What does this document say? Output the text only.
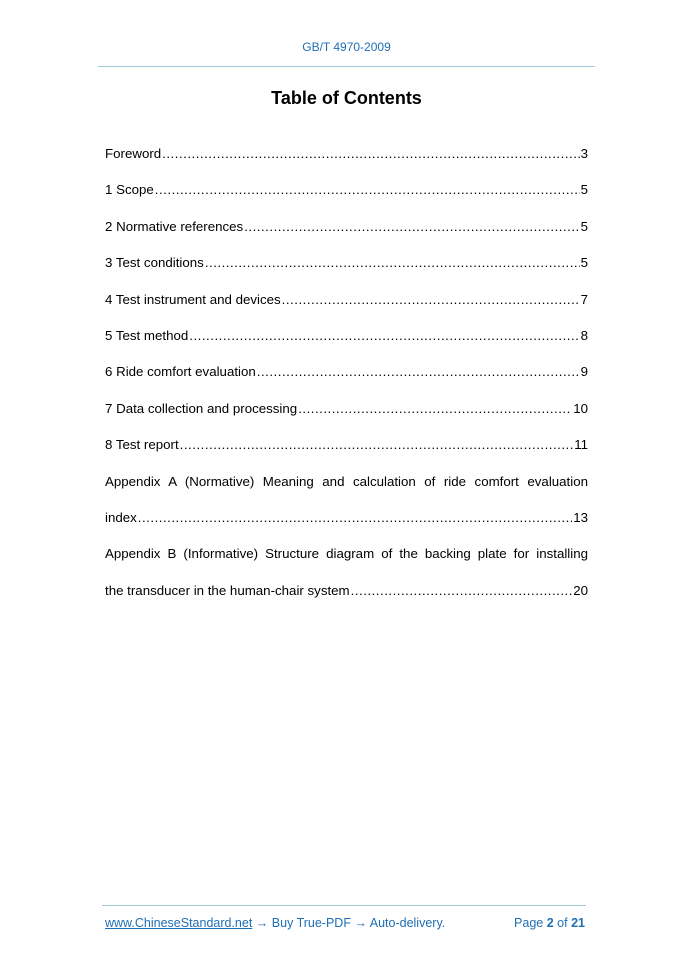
GB/T 4970-2009
Table of Contents
Foreword .....	3
1 Scope .....	5
2 Normative references .....	5
3 Test conditions .....	5
4 Test instrument and devices .....	7
5 Test method .....	8
6 Ride comfort evaluation .....	9
7 Data collection and processing .....	10
8 Test report .....	11
Appendix A (Normative) Meaning and calculation of ride comfort evaluation
index .....	13
Appendix B (Informative) Structure diagram of the backing plate for installing
the transducer in the human-chair system .....	20
www.ChineseStandard.net → Buy True-PDF → Auto-delivery.	Page 2 of 21
